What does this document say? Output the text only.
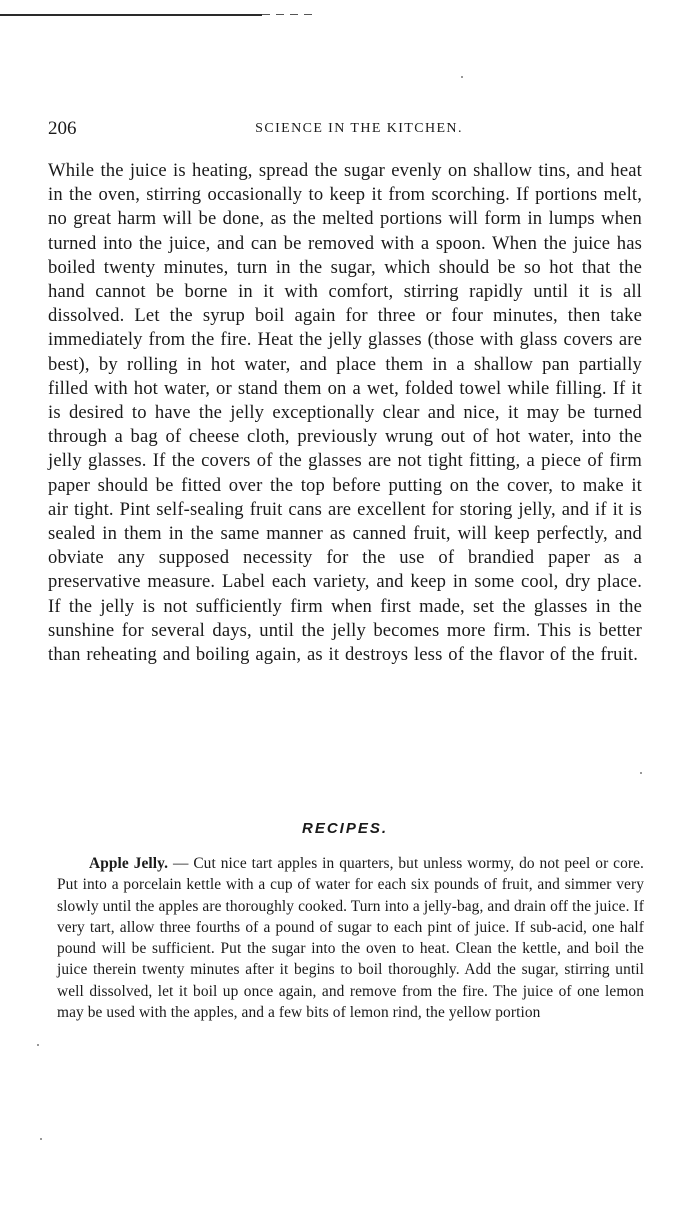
206	SCIENCE IN THE KITCHEN.

While the juice is heating, spread the sugar evenly on shallow tins, and heat in the oven, stirring occasionally to keep it from scorching. If portions melt, no great harm will be done, as the melted portions will form in lumps when turned into the juice, and can be removed with a spoon. When the juice has boiled twenty minutes, turn in the sugar, which should be so hot that the hand cannot be borne in it with comfort, stirring rapidly until it is all dissolved. Let the syrup boil again for three or four minutes, then take immediately from the fire. Heat the jelly glasses (those with glass covers are best), by rolling in hot water, and place them in a shallow pan partially filled with hot water, or stand them on a wet, folded towel while filling. If it is desired to have the jelly exceptionally clear and nice, it may be turned through a bag of cheese cloth, previously wrung out of hot water, into the jelly glasses. If the covers of the glasses are not tight fitting, a piece of firm paper should be fitted over the top before putting on the cover, to make it air tight. Pint self-sealing fruit cans are excellent for storing jelly, and if it is sealed in them in the same manner as canned fruit, will keep perfectly, and obviate any supposed necessity for the use of brandied paper as a preservative measure. Label each variety, and keep in some cool, dry place. If the jelly is not sufficiently firm when first made, set the glasses in the sunshine for several days, until the jelly becomes more firm. This is better than reheating and boiling again, as it destroys less of the flavor of the fruit.

RECIPES.

Apple Jelly. — Cut nice tart apples in quarters, but unless wormy, do not peel or core. Put into a porcelain kettle with a cup of water for each six pounds of fruit, and simmer very slowly until the apples are thoroughly cooked. Turn into a jelly-bag, and drain off the juice. If very tart, allow three fourths of a pound of sugar to each pint of juice. If sub-acid, one half pound will be sufficient. Put the sugar into the oven to heat. Clean the kettle, and boil the juice therein twenty minutes after it begins to boil thoroughly. Add the sugar, stirring until well dissolved, let it boil up once again, and remove from the fire. The juice of one lemon may be used with the apples, and a few bits of lemon rind, the yellow portion
